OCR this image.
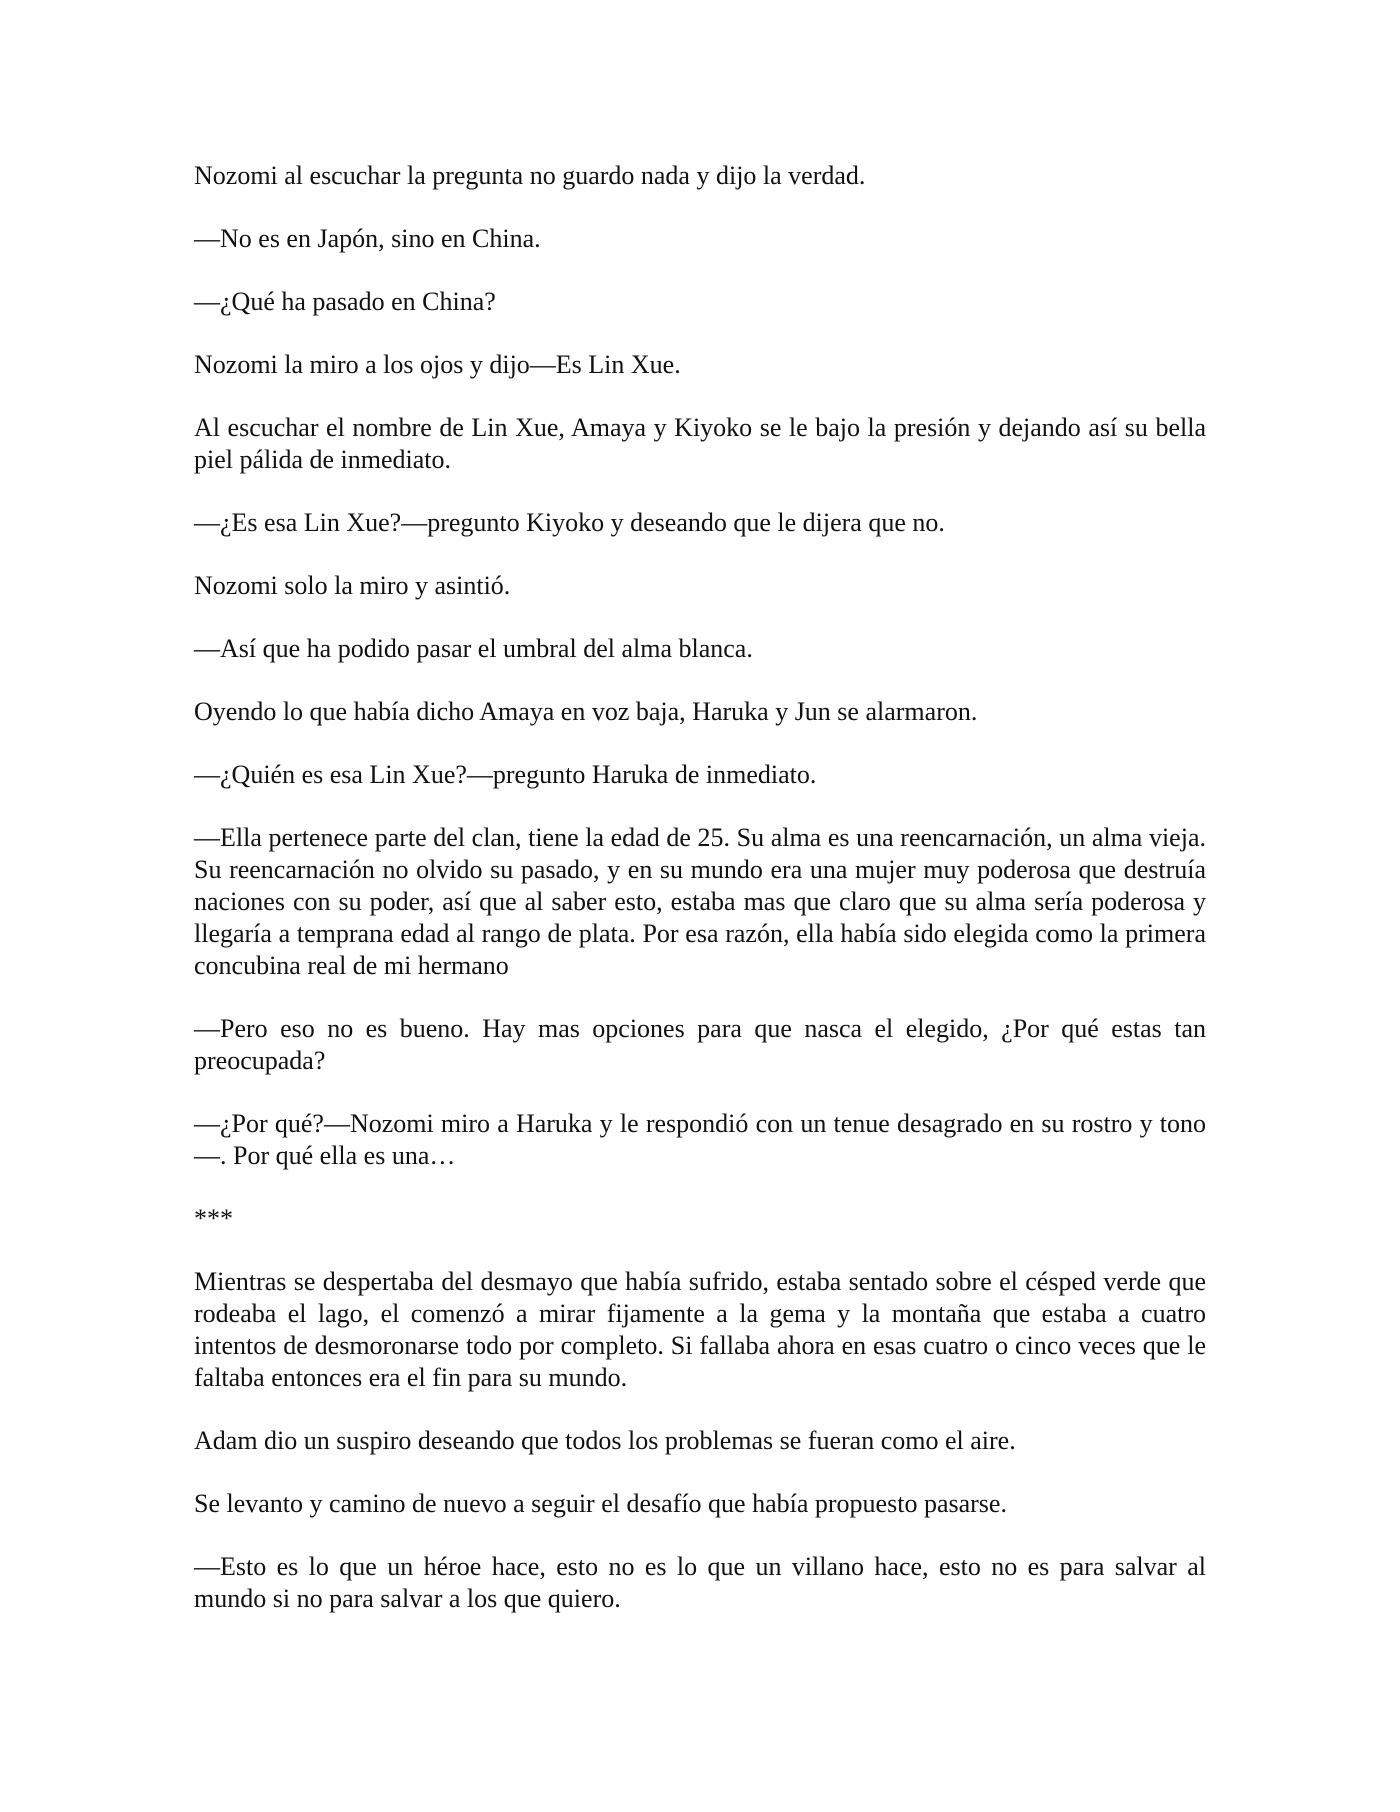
Nozomi al escuchar la pregunta no guardo nada y dijo la verdad.

—No es en Japón, sino en China.

—¿Qué ha pasado en China?

Nozomi la miro a los ojos y dijo—Es Lin Xue.

Al escuchar el nombre de Lin Xue, Amaya y Kiyoko se le bajo la presión y dejando así su bella piel pálida de inmediato.

—¿Es esa Lin Xue?—pregunto Kiyoko y deseando que le dijera que no.

Nozomi solo la miro y asintió.

—Así que ha podido pasar el umbral del alma blanca.

Oyendo lo que había dicho Amaya en voz baja, Haruka y Jun se alarmaron.

—¿Quién es esa Lin Xue?—pregunto Haruka de inmediato.

—Ella pertenece parte del clan, tiene la edad de 25. Su alma es una reencarnación, un alma vieja. Su reencarnación no olvido su pasado, y en su mundo era una mujer muy poderosa que destruía naciones con su poder, así que al saber esto, estaba mas que claro que su alma sería poderosa y llegaría a temprana edad al rango de plata. Por esa razón, ella había sido elegida como la primera concubina real de mi hermano

—Pero eso no es bueno. Hay mas opciones para que nasca el elegido, ¿Por qué estas tan preocupada?

—¿Por qué?—Nozomi miro a Haruka y le respondió con un tenue desagrado en su rostro y tono—. Por qué ella es una…

***

Mientras se despertaba del desmayo que había sufrido, estaba sentado sobre el césped verde que rodeaba el lago, el comenzó a mirar fijamente a la gema y la montaña que estaba a cuatro intentos de desmoronarse todo por completo. Si fallaba ahora en esas cuatro o cinco veces que le faltaba entonces era el fin para su mundo.

Adam dio un suspiro deseando que todos los problemas se fueran como el aire.

Se levanto y camino de nuevo a seguir el desafío que había propuesto pasarse.

—Esto es lo que un héroe hace, esto no es lo que un villano hace, esto no es para salvar al mundo si no para salvar a los que quiero.
